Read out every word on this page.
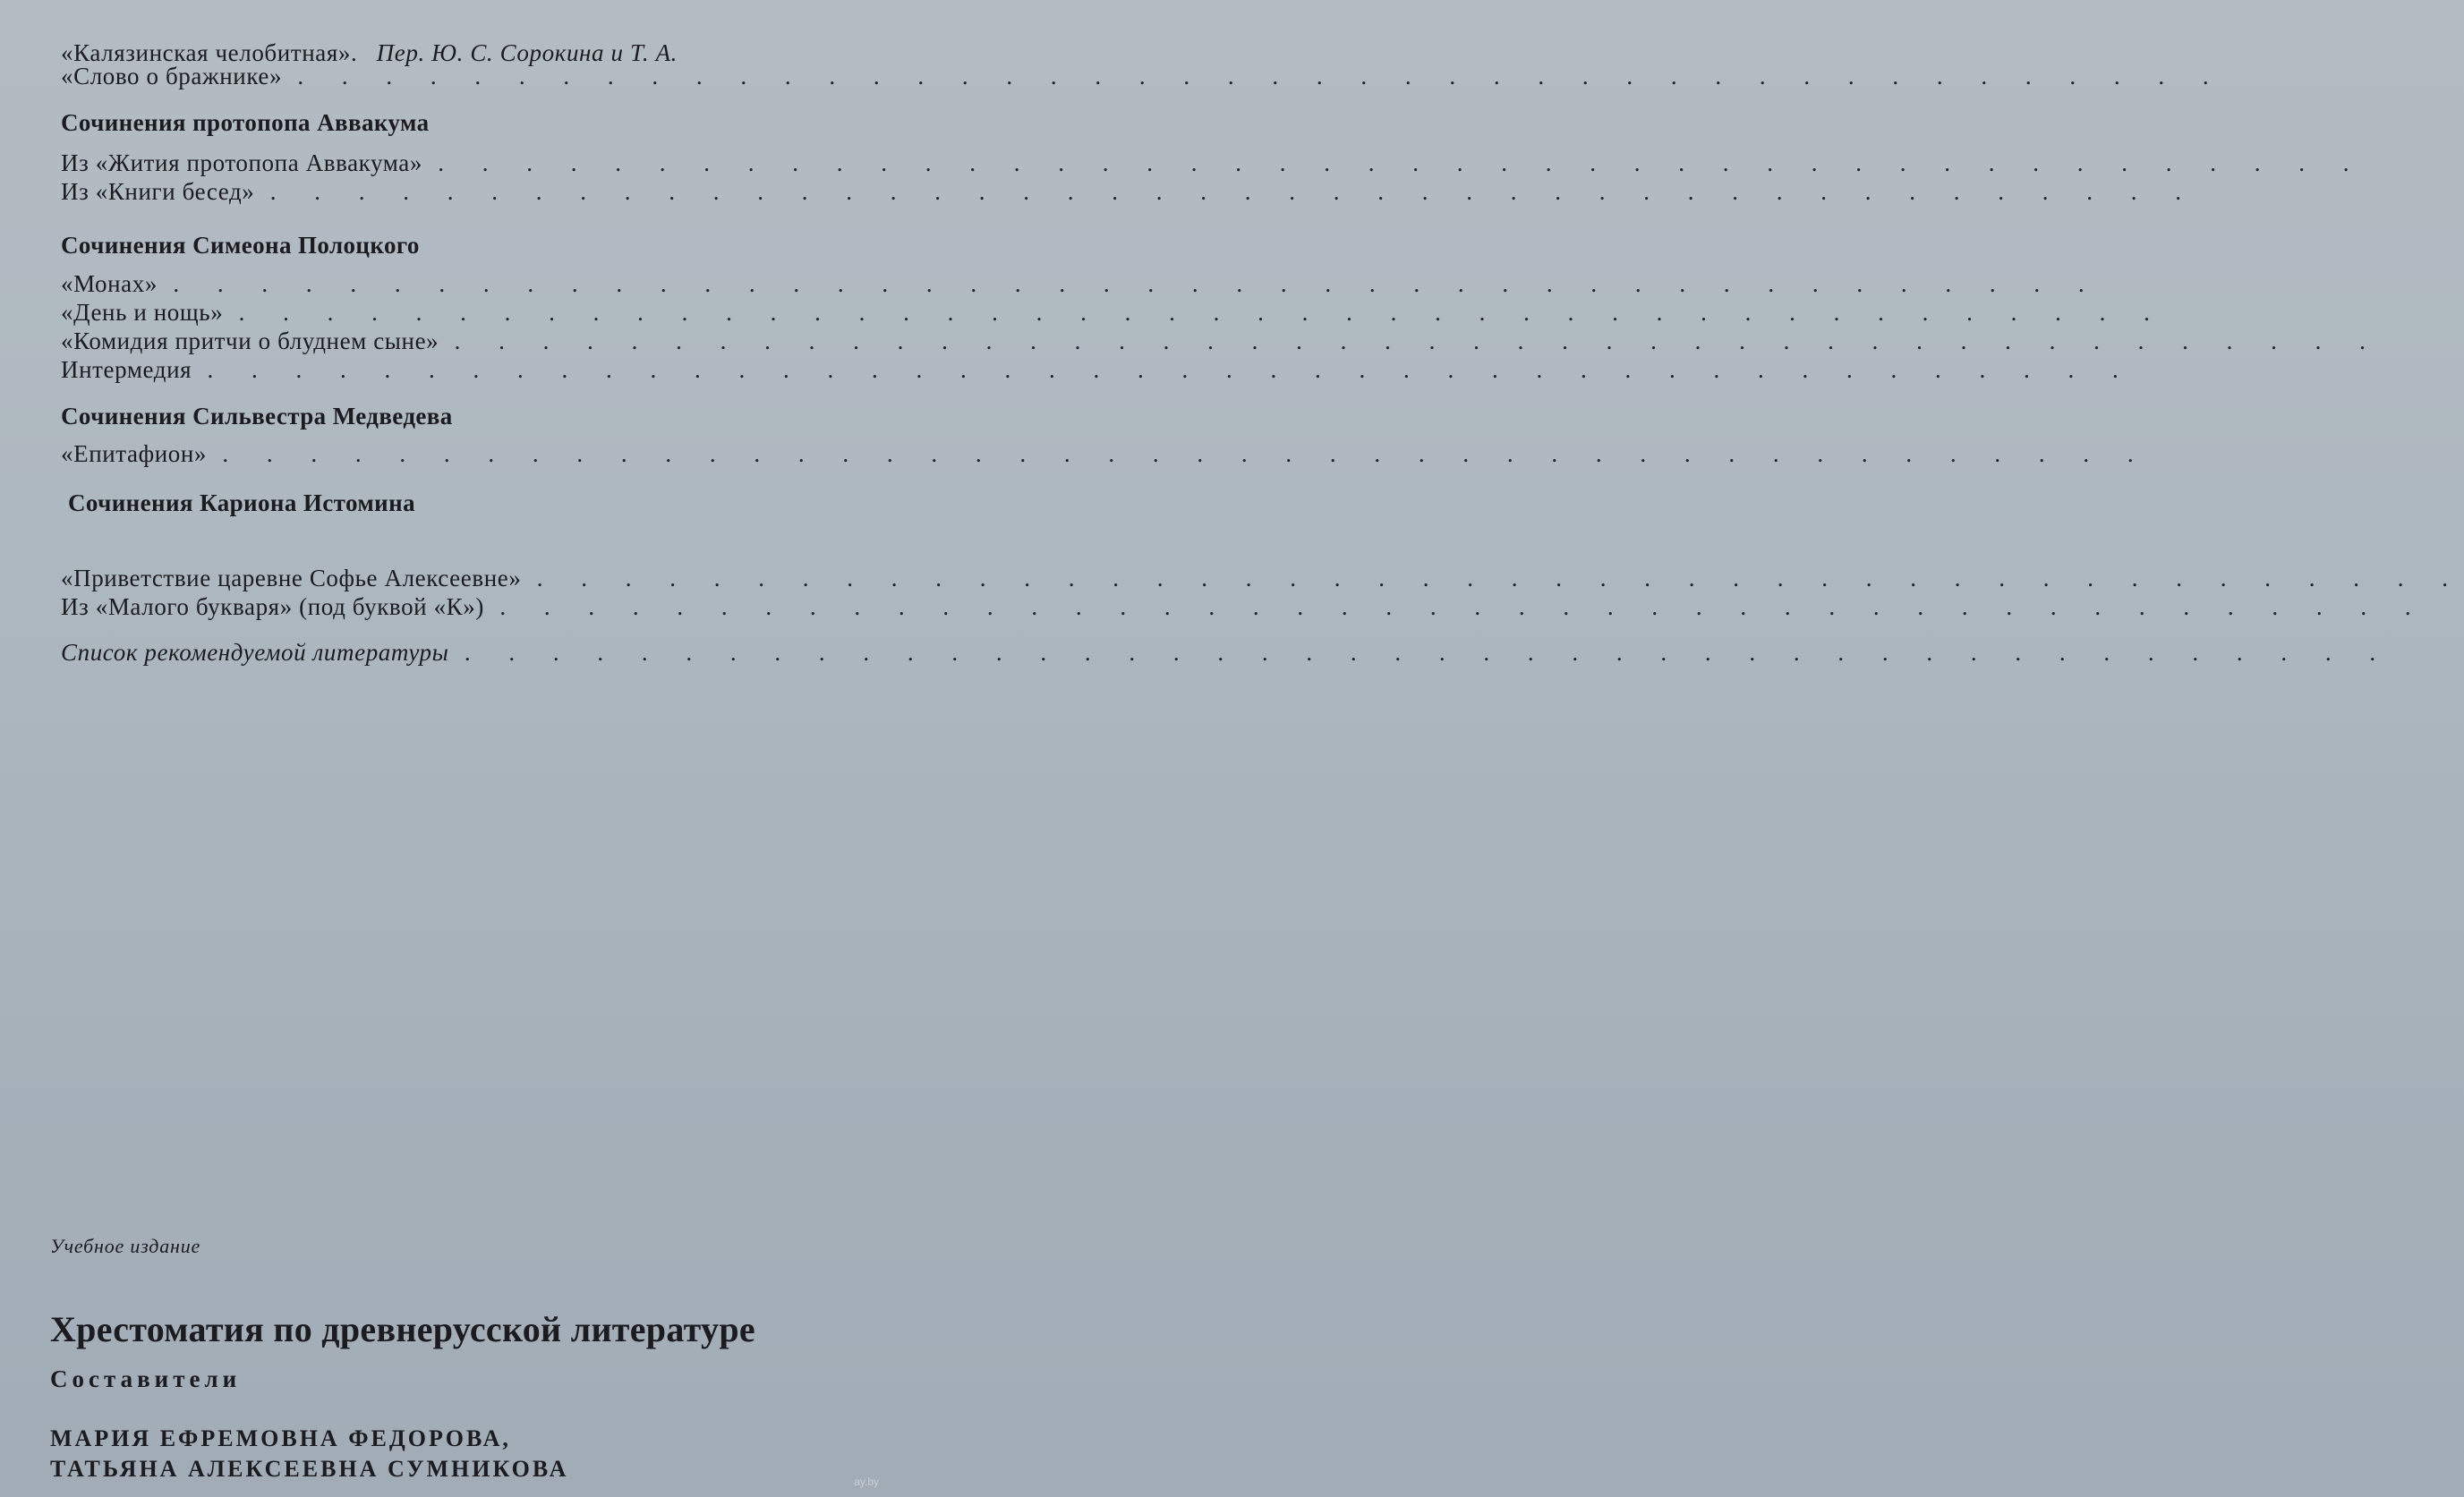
«Калязинская челобитная». Пер. Ю. С. Сорокина и Т. А.
«Слово о бражнике» . . . . . . . . . . . . . . . . . . . . . . . . . . . . . . . . . . . . . . . . . . . .
Сочинения протопопа Аввакума
Из «Жития протопопа Аввакума» . . . . . . . . . . . . . . . . . . . . . . . . . . . . . . . . . . . . . . . . . . . .
Из «Книги бесед» . . . . . . . . . . . . . . . . . . . . . . . . . . . . . . . . . . . . . . . . . . . .
Сочинения Симеона Полоцкого
«Монах» . . . . . . . . . . . . . . . . . . . . . . . . . . . . . . . . . . . . . . . . . . . .
«День и нощь» . . . . . . . . . . . . . . . . . . . . . . . . . . . . . . . . . . . . . . . . . . . .
«Комидия притчи о блуднем сыне» . . . . . . . . . . . . . . . . . . . . . . . . . . . . . . . . . . . . . . . . . . . .
Интермедия . . . . . . . . . . . . . . . . . . . . . . . . . . . . . . . . . . . . . . . . . . . .
Сочинения Сильвестра Медведева
«Епитафион» . . . . . . . . . . . . . . . . . . . . . . . . . . . . . . . . . . . . . . . . . . . .
Сочинения Кариона Истомина
«Приветствие царевне Софье Алексеевне» . . . . . . . . . . . . . . . . . . . . . . . . . . . . . . . . . . . . . . . . . . . .
Из «Малого букваря» (под буквой «К») . . . . . . . . . . . . . . . . . . . . . . . . . . . . . . . . . . . . . . . . . . . .
Список рекомендуемой литературы . . . . . . . . . . . . . . . . . . . . . . . . . . . . . . . . . . . . . . . . . . . .
Учебное издание
Хрестоматия по древнерусской литературе
Составители
МАРИЯ ЕФРЕМОВНА ФЕДОРОВА,
ТАТЬЯНА АЛЕКСЕЕВНА СУМНИКОВА	ay.by
